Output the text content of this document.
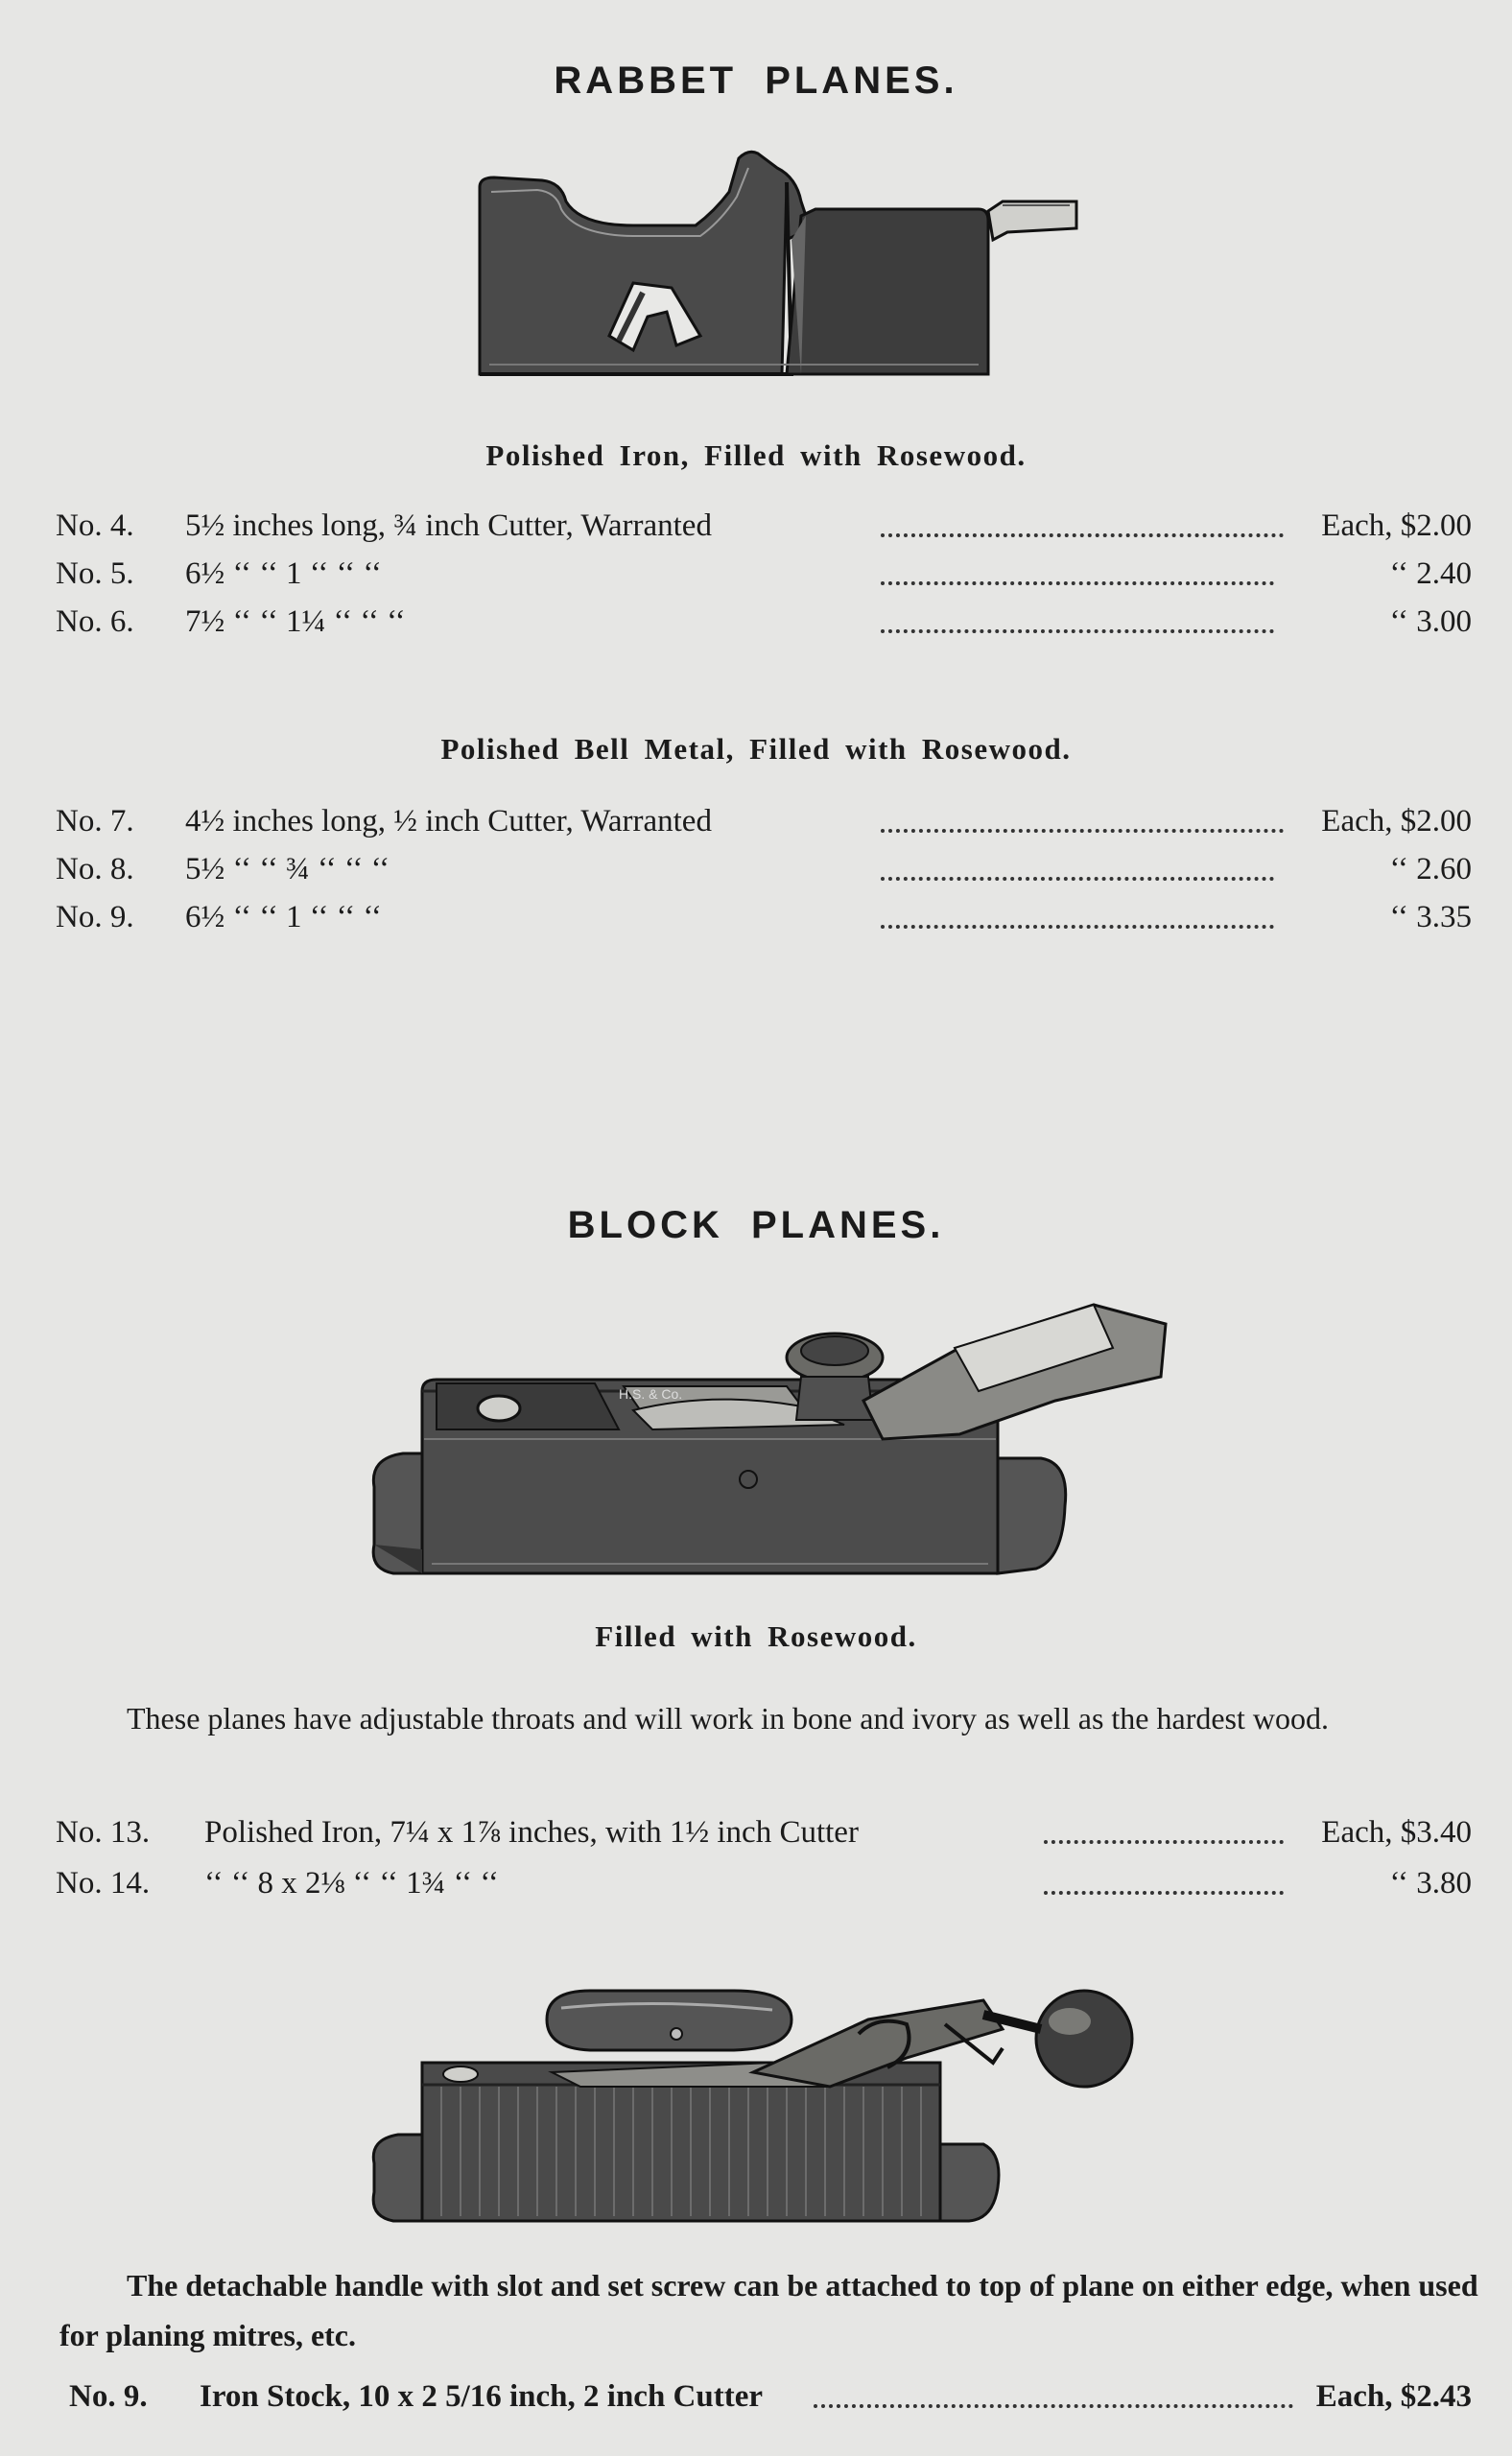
RABBET PLANES.
Polished Iron, Filled with Rosewood.
No. 4. 5½ inches long, ¾ inch Cutter, Warranted	Each, $2.00
No. 5. 6½ ‘‘ ‘‘ 1 ‘‘ ‘‘ ‘‘	‘‘ 2.40
No. 6. 7½ ‘‘ ‘‘ 1¼ ‘‘ ‘‘ ‘‘	‘‘ 3.00
Polished Bell Metal, Filled with Rosewood.
No. 7. 4½ inches long, ½ inch Cutter, Warranted	Each, $2.00
No. 8. 5½ ‘‘ ‘‘ ¾ ‘‘ ‘‘ ‘‘	‘‘ 2.60
No. 9. 6½ ‘‘ ‘‘ 1 ‘‘ ‘‘ ‘‘	‘‘ 3.35
BLOCK PLANES.
H.S. & Co.
Filled with Rosewood.
These planes have adjustable throats and will work in bone and ivory as well as the hardest wood.
No. 13. Polished Iron, 7¼ x 1⅞ inches, with 1½ inch Cutter	Each, $3.40
No. 14. ‘‘ ‘‘ 8 x 2⅛ ‘‘ ‘‘ 1¾ ‘‘ ‘‘	‘‘ 3.80
The detachable handle with slot and set screw can be attached to top of plane on either edge, when used for planing mitres, etc.
No. 9. Iron Stock, 10 x 2 5/16 inch, 2 inch Cutter	Each, $2.43
